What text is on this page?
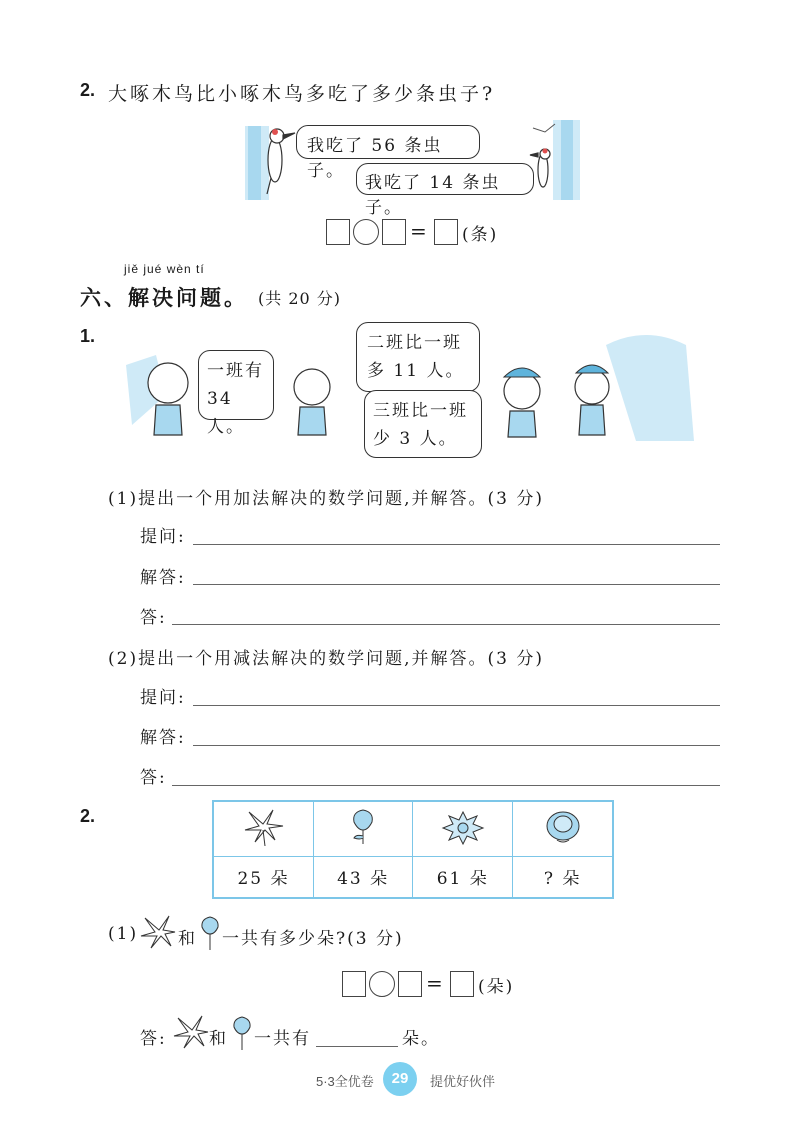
2. 大啄木鸟比小啄木鸟多吃了多少条虫子?
我吃了 56 条虫子。
我吃了 14 条虫子。
= (条)
jiě jué wèn tí
六、解决问题。 (共 20 分)
1.
一班有
34 人。
二班比一班
多 11 人。
三班比一班
少 3 人。
(1)提出一个用加法解决的数学问题,并解答。(3 分)
提问:
解答:
答:
(2)提出一个用减法解决的数学问题,并解答。(3 分)
提问:
解答:
答:
2.

25 朵	43 朵	61 朵	? 朵
(1) 和 一共有多少朵?(3 分)
= (朵)
答: 和 一共有	朵。
5·3全优卷	29	提优好伙伴
